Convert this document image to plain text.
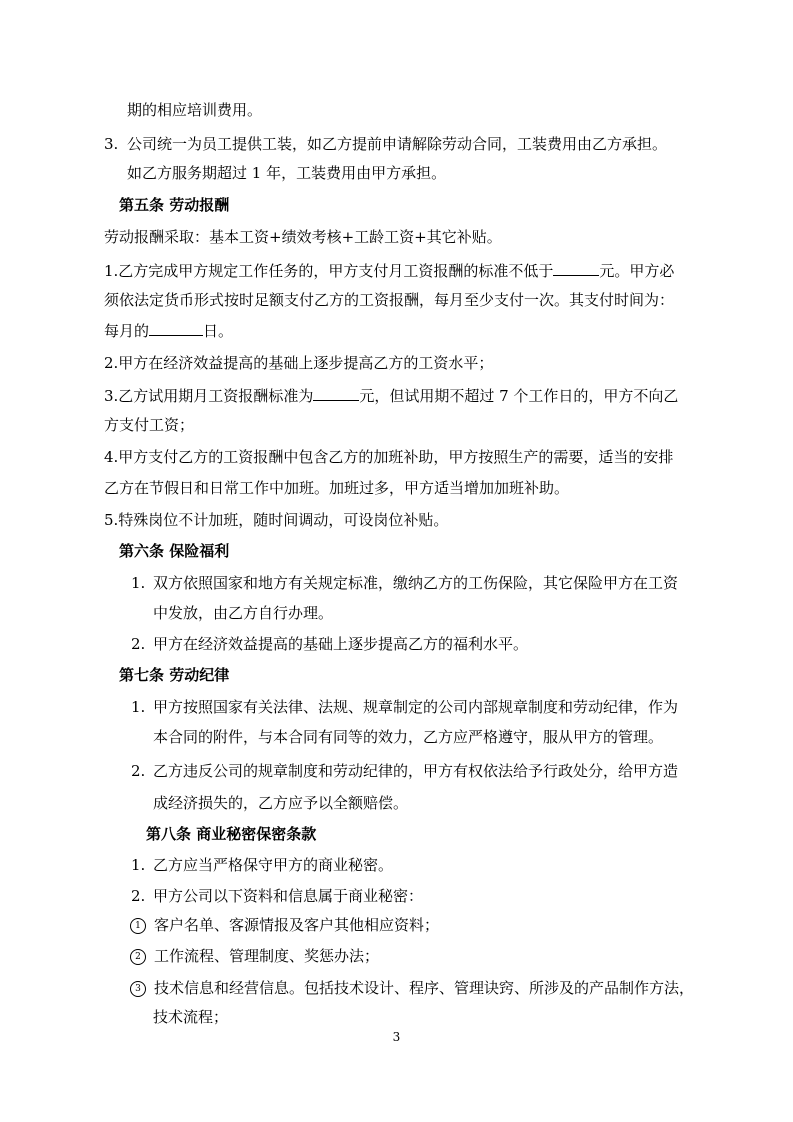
期的相应培训费用。
3. 公司统一为员工提供工装，如乙方提前申请解除劳动合同，工装费用由乙方承担。
如乙方服务期超过 1 年，工装费用由甲方承担。
第五条 劳动报酬
劳动报酬采取：基本工资+绩效考核+工龄工资+其它补贴。
1.乙方完成甲方规定工作任务的，甲方支付月工资报酬的标准不低于	元。甲方必
须依法定货币形式按时足额支付乙方的工资报酬，每月至少支付一次。其支付时间为：
每月的	日。
2.甲方在经济效益提高的基础上逐步提高乙方的工资水平；
3.乙方试用期月工资报酬标准为	元，但试用期不超过 7 个工作日的，甲方不向乙
方支付工资；
4.甲方支付乙方的工资报酬中包含乙方的加班补助，甲方按照生产的需要，适当的安排
乙方在节假日和日常工作中加班。加班过多，甲方适当增加加班补助。
5.特殊岗位不计加班，随时间调动，可设岗位补贴。
第六条 保险福利
1. 双方依照国家和地方有关规定标准，缴纳乙方的工伤保险，其它保险甲方在工资
中发放，由乙方自行办理。
2. 甲方在经济效益提高的基础上逐步提高乙方的福利水平。
第七条 劳动纪律
1. 甲方按照国家有关法律、法规、规章制定的公司内部规章制度和劳动纪律，作为
本合同的附件，与本合同有同等的效力，乙方应严格遵守，服从甲方的管理。
2. 乙方违反公司的规章制度和劳动纪律的，甲方有权依法给予行政处分，给甲方造
成经济损失的，乙方应予以全额赔偿。
第八条 商业秘密保密条款
1. 乙方应当严格保守甲方的商业秘密。
2. 甲方公司以下资料和信息属于商业秘密：
1 客户名单、客源情报及客户其他相应资料；
2 工作流程、管理制度、奖惩办法；
3 技术信息和经营信息。包括技术设计、程序、管理诀窍、所涉及的产品制作方法，
技术流程；
3
